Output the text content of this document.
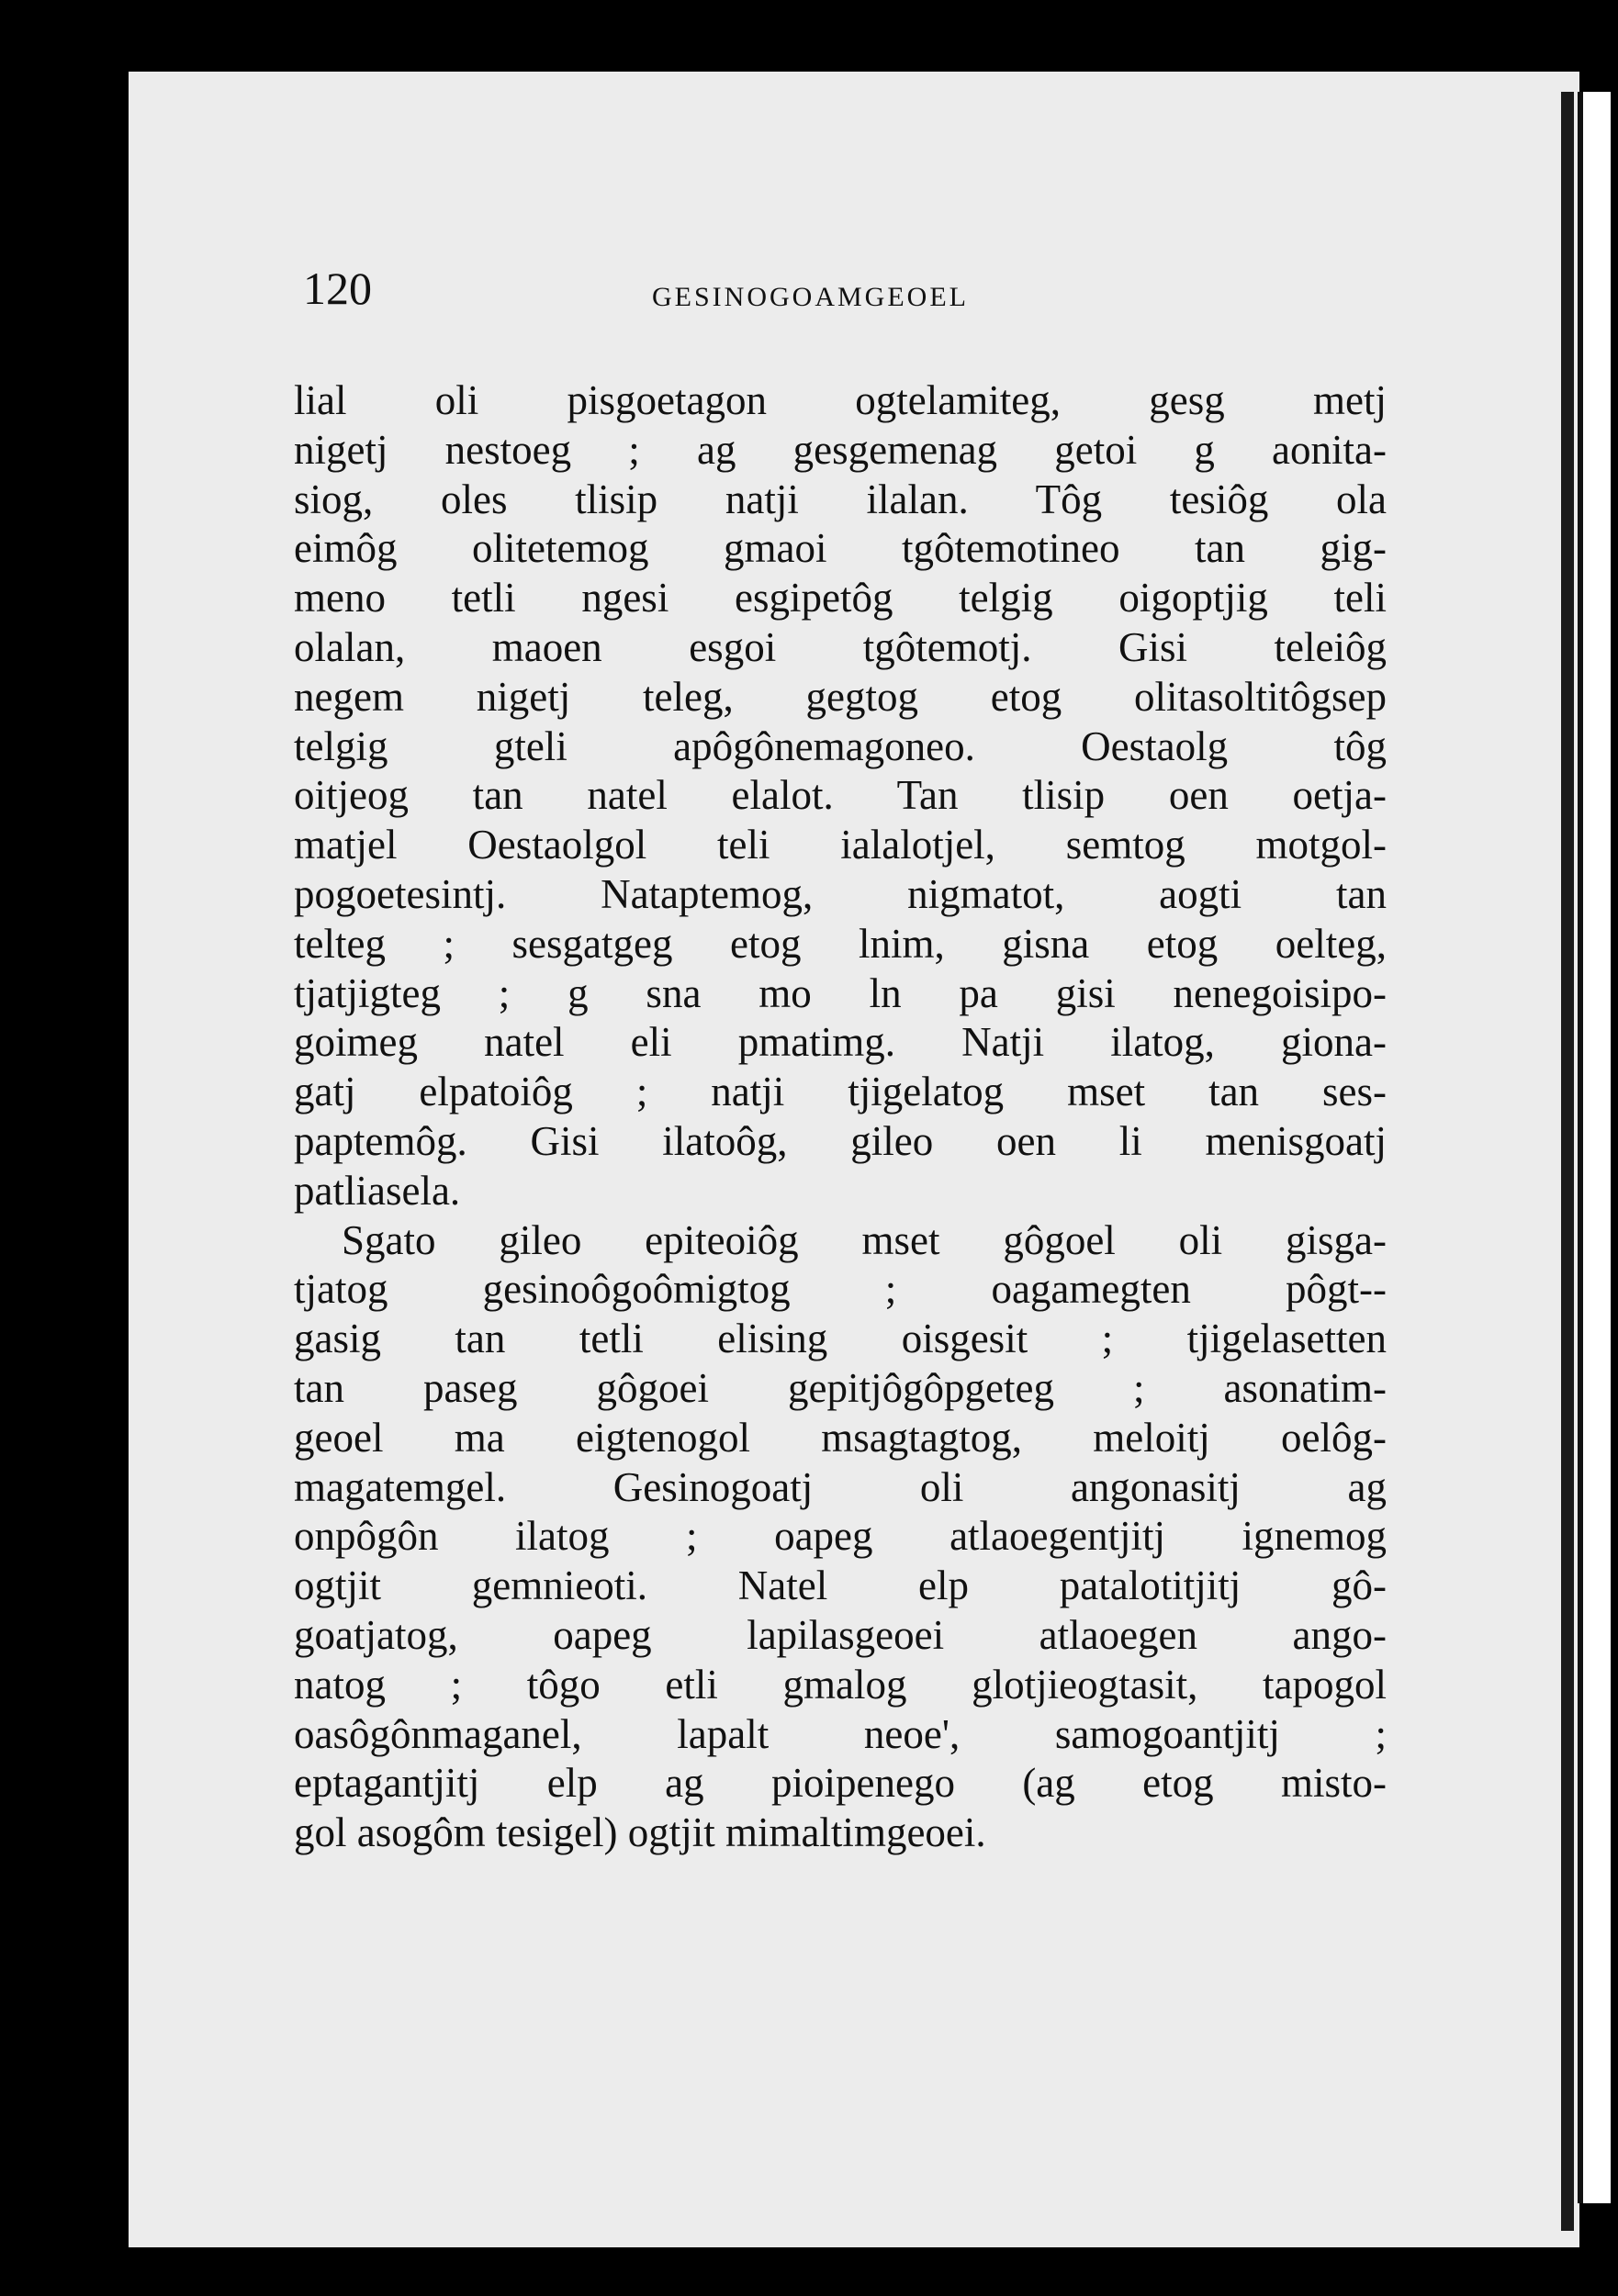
120	GESINOGOAMGEOEL
lial oli pisgoetagon ogtelamiteg, gesg metj
nigetj nestoeg ; ag gesgemenag getoi g aonita-
siog, oles tlisip natji ilalan. Tôg tesiôg ola
eimôg olitetemog gmaoi tgôtemotineo tan gig-
meno tetli ngesi esgipetôg telgig oigoptjig teli
olalan, maoen esgoi tgôtemotj. Gisi teleiôg
negem nigetj teleg, gegtog etog olitasoltitôgsep
telgig gteli apôgônemagoneo. Oestaolg tôg
oitjeog tan natel elalot. Tan tlisip oen oetja-
matjel Oestaolgol teli ialalotjel, semtog motgol-
pogoetesintj. Nataptemog, nigmatot, aogti tan
telteg ; sesgatgeg etog lnim, gisna etog oelteg,
tjatjigteg ; g sna mo ln pa gisi nenegoisipo-
goimeg natel eli pmatimg. Natji ilatog, giona-
gatj elpatoiôg ; natji tjigelatog mset tan ses-
paptemôg. Gisi ilatoôg, gileo oen li menisgoatj
patliasela.
Sgato gileo epiteoiôg mset gôgoel oli gisga-
tjatog gesinoôgoômigtog ; oagamegten pôgt--
gasig tan tetli elising oisgesit ; tjigelasetten
tan paseg gôgoei gepitjôgôpgeteg ; asonatim-
geoel ma eigtenogol msagtagtog, meloitj oelôg-
magatemgel. Gesinogoatj oli angonasitj ag
onpôgôn ilatog ; oapeg atlaoegentjitj ignemog
ogtjit gemnieoti. Natel elp patalotitjitj gô-
goatjatog, oapeg lapilasgeoei atlaoegen ango-
natog ; tôgo etli gmalog glotjieogtasit, tapogol
oasôgônmaganel, lapalt neoe', samogoantjitj ;
eptagantjitj elp ag pioipenego (ag etog misto-
gol asogôm tesigel) ogtjit mimaltimgeoei.
